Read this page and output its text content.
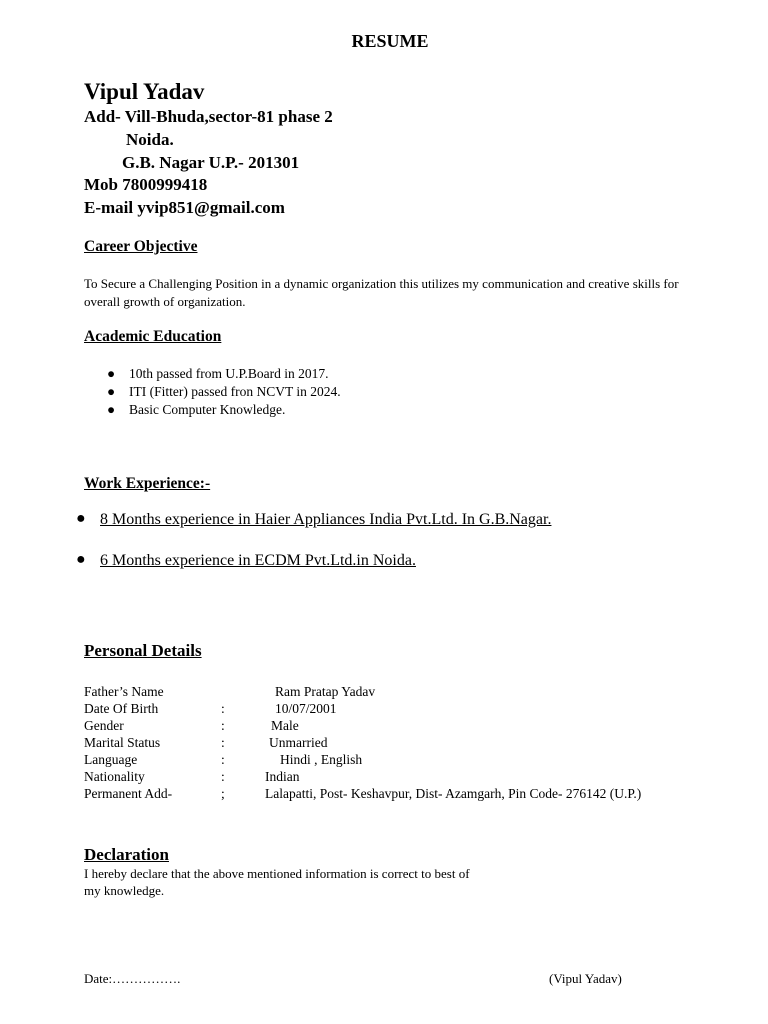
RESUME
Vipul Yadav
Add- Vill-Bhuda,sector-81 phase 2
Noida.
G.B. Nagar U.P.- 201301
Mob 7800999418
E-mail yvip851@gmail.com
Career Objective
To Secure a Challenging Position in a dynamic organization this utilizes my communication and creative skills for overall growth of organization.
Academic Education
● 10th passed from U.P.Board in 2017.
● ITI (Fitter) passed fron NCVT in 2024.
● Basic Computer Knowledge.
Work Experience:-
● 8 Months experience in Haier Appliances India Pvt.Ltd. In G.B.Nagar.
● 6 Months experience in ECDM Pvt.Ltd.in Noida.
Personal Details
Father’s Name	Ram Pratap Yadav
Date Of Birth	:	10/07/2001
Gender	:	Male
Marital Status	:	Unmarried
Language	:	Hindi , English
Nationality	:	Indian
Permanent Add-	;	Lalapatti, Post- Keshavpur, Dist- Azamgarh, Pin Code- 276142 (U.P.)
Declaration
I hereby declare that the above mentioned information is correct to best of
my knowledge.
Date:…………….	(Vipul Yadav)
